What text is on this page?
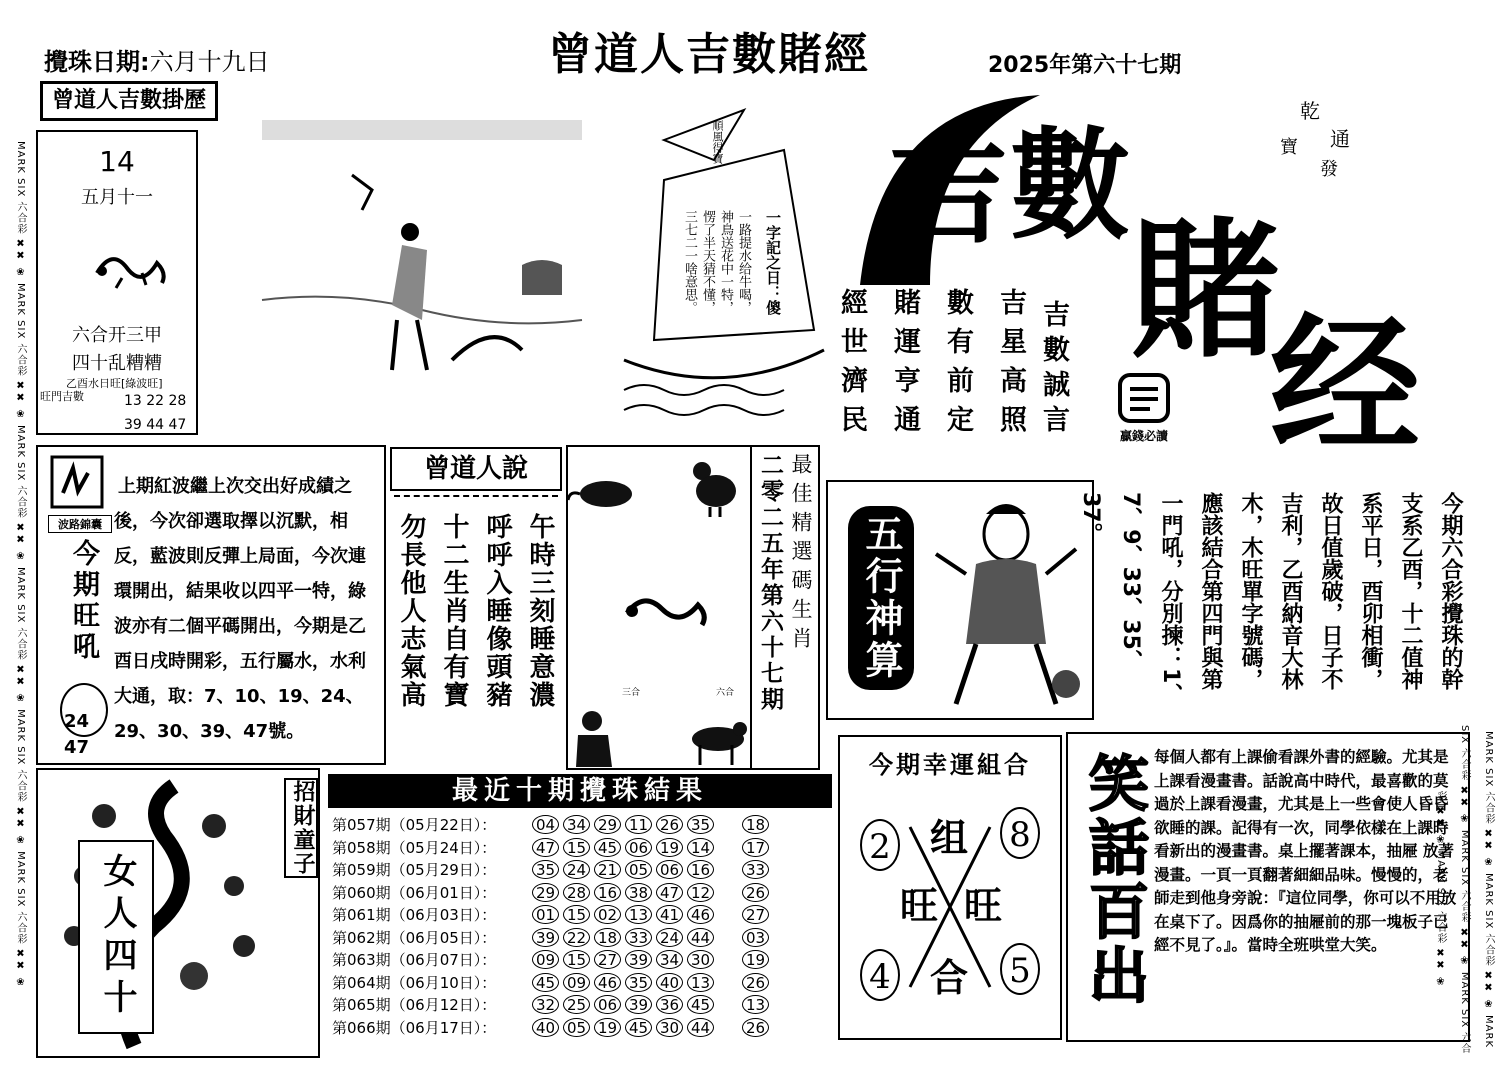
MARK SIX 六合彩 ✖✖ ❀ MARK SIX 六合彩 ✖✖ ❀ MARK SIX 六合彩 ✖✖ ❀ MARK SIX 六合彩 ✖✖ ❀ MARK SIX 六合彩 ✖✖ ❀ MARK SIX 六合彩 ✖✖ ❀	MARK SIX 六合彩 ✖✖ ❀ MARK SIX 六合彩 ✖✖ ❀ MARK SIX 六合彩 ✖✖ ❀ MARK SIX 六合彩 ✖✖ ❀ MARK SIX 六合彩 ✖✖ ❀ MARK SIX 六合彩 ✖✖ ❀
攪珠日期:六月十九日	曾道人吉數賭經	2025年第六十七期
曾道人吉數掛歷
14
五月十一
六合开三甲
四十乱糟糟
乙酉水日旺[綠波旺]
旺門吉數	13 22 28
39 44 47
順風得寶
一字記之日：傻
一路提水给牛喝，
神鳥送花中一特，
愣了半天猜不懂，
三七二一啥意思。
吉 數
賭
经
乾
寶 通
發
贏錢必讀
吉星高照
數有前定
賭運亨通
經世濟民	吉數誠言
波路錦囊
今期旺吼
24
47
上期紅波繼上次交出好成績之後，今次卻選取擇以沉默，相反，藍波則反彈上局面，今次連環開出，結果收以四平一特，綠波亦有二個平碼開出，今期是乙酉日戌時開彩，五行屬水，水利大通，取：7、10、19、24、29、30、39、47號。
曾道人說
午時三刻睡意濃
呼呼入睡像頭豬
十二生肖自有寶
勿長他人志氣高	三合	六合 二零二五年第六十七期 最佳精選碼生肖 五行神算	今期六合彩攪珠的幹
支系乙酉，十二值神
系平日，酉卯相衝，
故日值歲破，日子不
吉利，乙酉納音大林
木，木旺單字號碼，
應該結合第四門與第
一門吼，分別揀：1、
7、9、33、35、37。
女人四十
招財童子	最近十期攪珠結果
第057期（05月22日）：	04 34 29 11 26 35 18
第058期（05月24日）：	47 15 45 06 19 14 17
第059期（05月29日）：	35 24 21 05 06 16 33
第060期（06月01日）：	29 28 16 38 47 12 26
第061期（06月03日）：	01 15 02 13 41 46 27
第062期（06月05日）：	39 22 18 33 24 44 03
第063期（06月07日）：	09 15 27 39 34 30 19
第064期（06月10日）：	45 09 46 35 40 13 26
第065期（06月12日）：	32 25 06 39 36 45 13
第066期（06月17日）：	40 05 19 45 30 44 26
今期幸運組合
2	8
4	5
组
合
旺 旺 笑話百出 每個人都有上課偷看課外書的經驗。尤其是上課看漫畫書。話說高中時代，最喜歡的莫過於上課看漫畫，尤其是上一些會使人昏昏欲睡的課。記得有一次，同學依樣在上課時看新出的漫畫書。桌上擺著課本，抽屜 放著漫畫。一頁一頁翻著細細品味。慢慢的，老師走到他身旁說：『這位同學，你可以不用放在桌下了。因爲你的抽屜前的那一塊板子已經不見了。』。當時全班哄堂大笑。
